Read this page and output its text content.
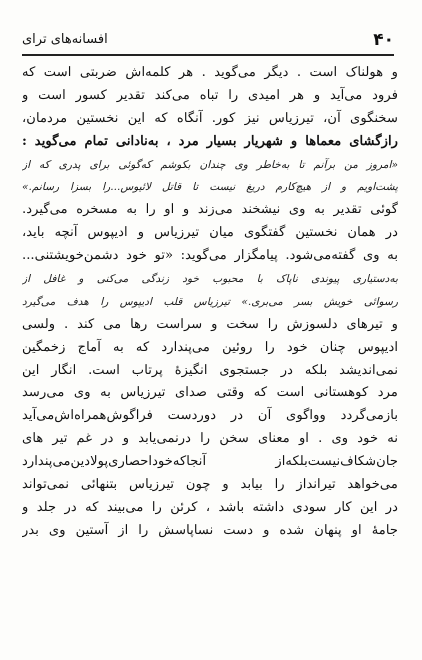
۴۰
افسانه‌های ترای
و هولناک است . دیگر می‌گوید . هر کلمه‌اش ضربتی است که
فرود می‌آید و هر امیدی را تباه می‌کند تقدیر کسور است و
سخنگوی آن، تیرزیاس نیز کور. آنگاه که این نخستین مردمان،
رازگشای معماها و شهریار بسیار مرد ، به‌نادانی تمام می‌گوید :
«امروز من برآنم تا به‌خاطر وی چندان بکوشم که‌گوئی برای پدری که از
پشت‌اویم و از هیچ‌کارم دریغ نیست تا قاتل لائیوس...را بسزا رسانم.»
گوئی تقدیر به وی نیشخند می‌زند و او را به مسخره می‌گیرد.
در همان نخستین گفتگوی میان تیرزیاس و ادیپوس آنچه باید،
به وی گفته‌می‌شود. پیامگزار می‌گوید: «تو خود دشمن‌خویشتنی...
به‌دستیاری پیوندی ناپاک با محبوب خود زندگی می‌کنی و غافل از
رسوائی خویش بسر می‌بری.» تیرزیاس قلب ادیپوس را هدف می‌گیرد
و تیرهای دلسوزش را سخت و سراست رها می کند . ولسی
ادیپوس چنان خود را روئین می‌پندارد که به آماج زخمگین
نمی‌اندیشد بلکه در جستجوی انگیزهٔ پرتاب است. انگار این
مرد کوهستانی است که وقتی صدای تیرزیاس به وی می‌رسد
بازمی‌گردد وواگوی آن در دوردست فراگوش‌همراه‌اش‌می‌آید
نه خود وی . او معنای سخن را درنمی‌یابد و در غم تیر های
جان‌شکاف‌نیست‌بلکه‌از آنجاکه‌خوداحصاری‌پولادین‌می‌پندارد
می‌خواهد تیرانداز را بیابد و چون تیرزیاس بتنهائی نمی‌تواند
در این کار سودی داشته باشد ، کرئن را می‌بیند که در جلد و
جامهٔ او پنهان شده و دست نساپاسش را از آستین وی بدر
